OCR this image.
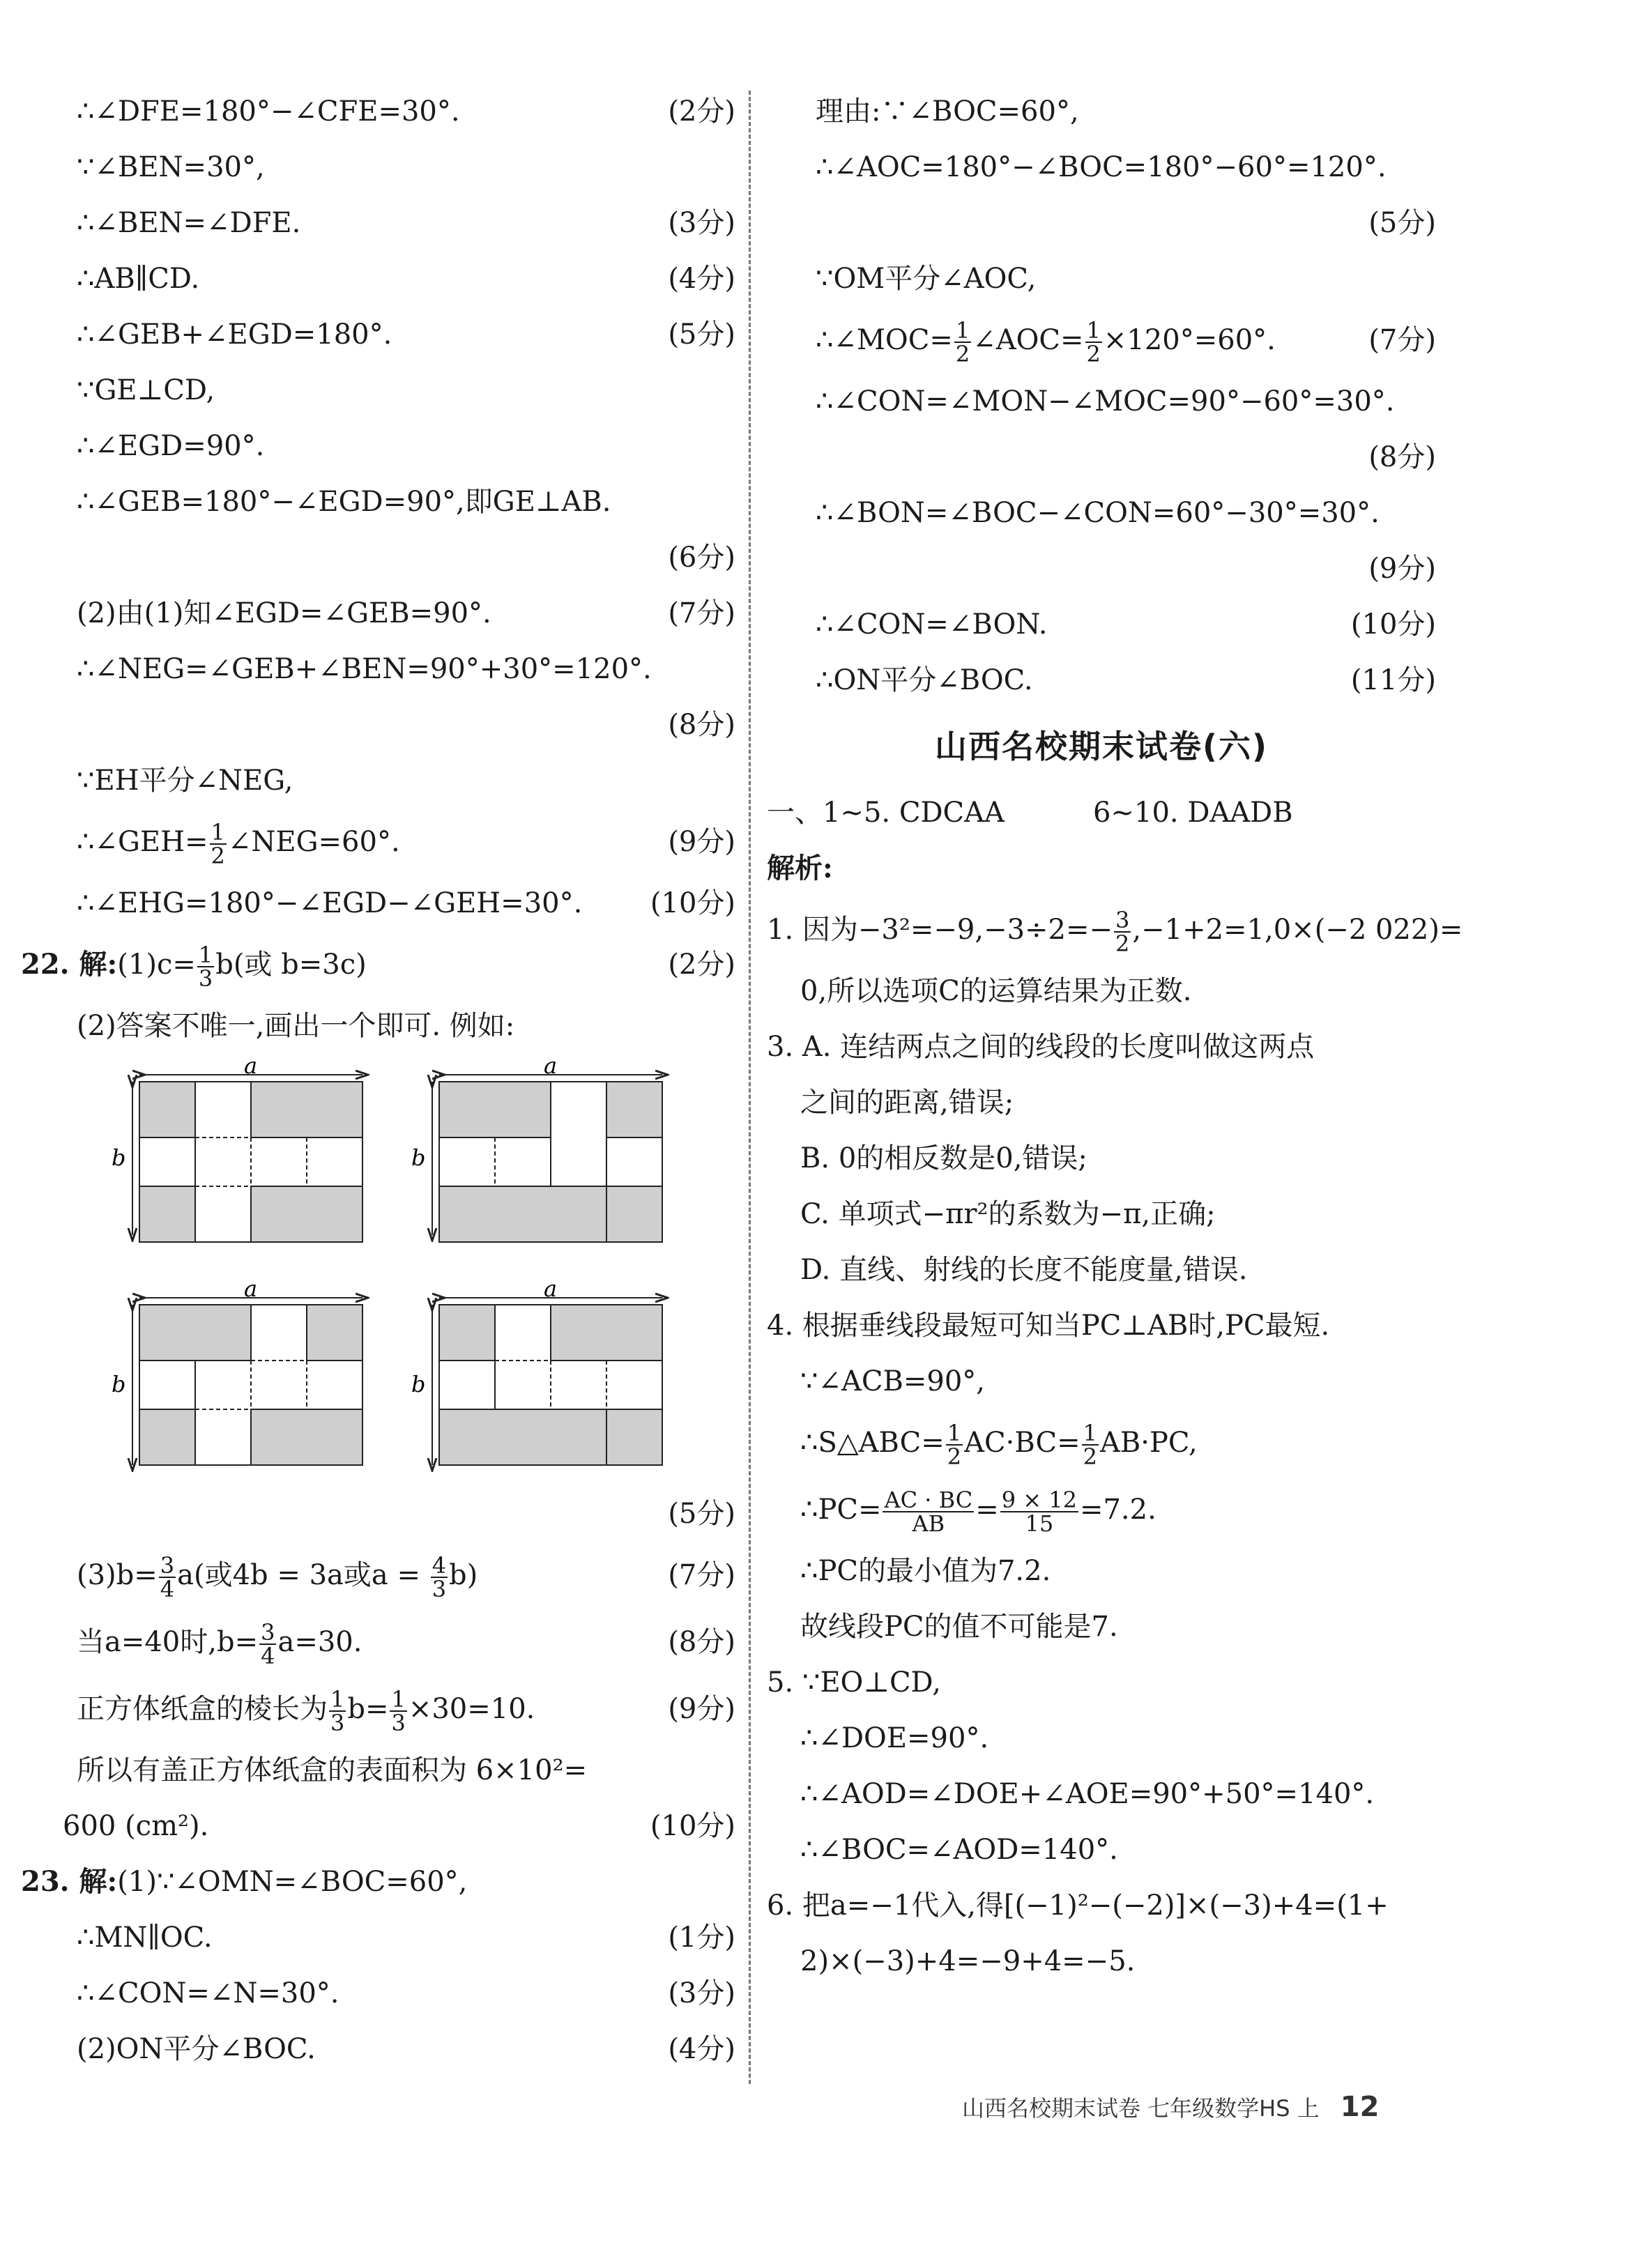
∴∠DFE=180°−∠CFE=30°.	(2分)
∵∠BEN=30°,
∴∠BEN=∠DFE.	(3分)
∴AB∥CD.	(4分)
∴∠GEB+∠EGD=180°.	(5分)
∵GE⊥CD,
∴∠EGD=90°.
∴∠GEB=180°−∠EGD=90°,即GE⊥AB.
(6分)
(2)由(1)知∠EGD=∠GEB=90°.	(7分)
∴∠NEG=∠GEB+∠BEN=90°+30°=120°.
(8分)
∵EH平分∠NEG,
∴∠GEH= $\frac{1}{2}$ ∠NEG=60°.	(9分)
∴∠EHG=180°−∠EGD−∠GEH=30°. (10分)
22. 解:(1)c= $\frac{1}{3} b$(或 b=3c)	(2分)
(2)答案不唯一,画出一个即可. 例如:
a
b
a
b
a
b
a
b
(5分)
$(3)b= \frac{3}{4} a$(或4b = 3a或$a = \frac{4}{3} b$)	(7分)
当a=40时$,b= \frac{3}{4} a=30$.	(8分)
正方体纸盒的棱长为 $\frac{1}{3} b= \frac{1}{3} \times 30=10$.	(9分)
所以有盖正方体纸盒的表面积为 6×10²=
600 (cm²).	(10分)
23. 解:(1)∵∠OMN=∠BOC=60°,
∴MN∥OC.	(1分)
∴∠CON=∠N=30°.	(3分)
(2)ON平分∠BOC.	(4分)
理由:∵∠BOC=60°,
∴∠AOC=180°−∠BOC=180°−60°=120°.
(5分)
∵OM平分∠AOC,
∴∠MOC= $\frac{1}{2}$ ∠AOC= $\frac{1}{2} \times 120^\circ=60^\circ$.	(7分)
∴∠CON=∠MON−∠MOC=90°−60°=30°.
(8分)
∴∠BON=∠BOC−∠CON=60°−30°=30°.
(9分)
∴∠CON=∠BON.	(10分)
∴ON平分∠BOC.	(11分)
山西名校期末试卷(六)
一、1~5. CDCAA          6~10. DAADB
解析:
1. 因为$-3^2=-9,-3\div 2=- \frac{3}{2} ,-1+2=1,0\times(-2$ 022)=
0,所以选项C的运算结果为正数.
3. A. 连结两点之间的线段的长度叫做这两点
之间的距离,错误;
B. 0的相反数是0,错误;
C. 单项式−πr²的系数为−π,正确;
D. 直线、射线的长度不能度量,错误.
4. 根据垂线段最短可知当PC⊥AB时,PC最短.
∵∠ACB=90°,
∴S△ABC= $\frac{1}{2} AC\cdot BC= \frac{1}{2} AB\cdot PC$,
∴PC= $\frac{AC \cdot BC}{AB} = \frac{9 \times 12}{15} =7.2$.
∴PC的最小值为7.2.
故线段PC的值不可能是7.
5. ∵EO⊥CD,
∴∠DOE=90°.
∴∠AOD=∠DOE+∠AOE=90°+50°=140°.
∴∠BOC=∠AOD=140°.
6. 把a=−1代入,得[(−1)²−(−2)]×(−3)+4=(1+
2)×(−3)+4=−9+4=−5.
山西名校期末试卷 七年级数学HS 上 12
